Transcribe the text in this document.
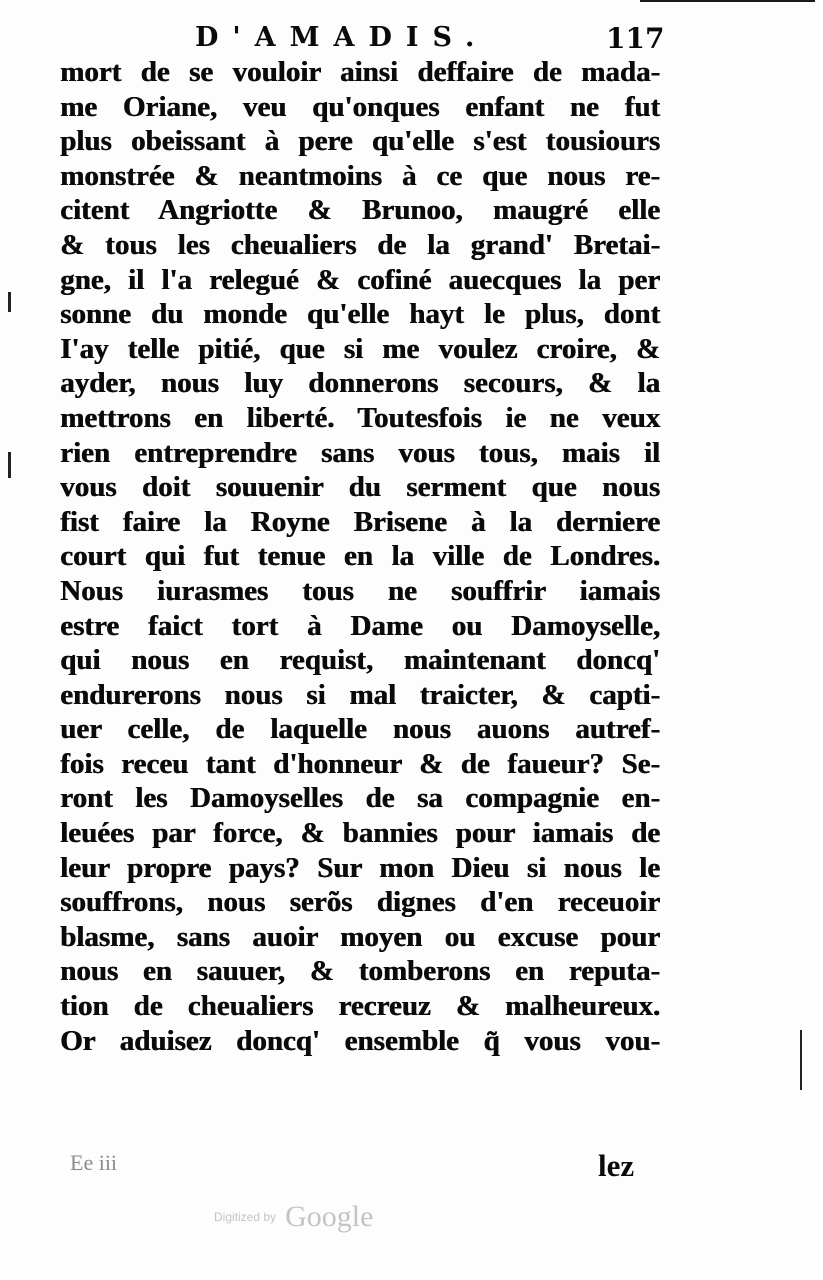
D'AMADIS.	117
mort de se vouloir ainsi deffaire de mada-
me Oriane, veu qu'onques enfant ne fut
plus obeissant à pere qu'elle s'est tousiours
monstrée & neantmoins à ce que nous re-
citent Angriotte & Brunoo, maugré elle
& tous les cheualiers de la grand' Bretai-
gne, il l'a relegué & cofiné auecques la per
sonne du monde qu'elle hayt le plus, dont
I'ay telle pitié, que si me voulez croire, &
ayder, nous luy donnerons secours, & la
mettrons en liberté. Toutesfois ie ne veux
rien entreprendre sans vous tous, mais il
vous doit souuenir du serment que nous
fist faire la Royne Brisene à la derniere
court qui fut tenue en la ville de Londres.
Nous iurasmes tous ne souffrir iamais
estre faict tort à Dame ou Damoyselle,
qui nous en requist, maintenant doncq'
endurerons nous si mal traicter, & capti-
uer celle, de laquelle nous auons autref-
fois receu tant d'honneur & de faueur? Se-
ront les Damoyselles de sa compagnie en-
leuées par force, & bannies pour iamais de
leur propre pays? Sur mon Dieu si nous le
souffrons, nous serõs dignes d'en receuoir
blasme, sans auoir moyen ou excuse pour
nous en sauuer, & tomberons en reputa-
tion de cheualiers recreuz & malheureux.
Or aduisez doncq' ensemble q̃ vous vou-
Ee iii	lez
Digitized by Google
